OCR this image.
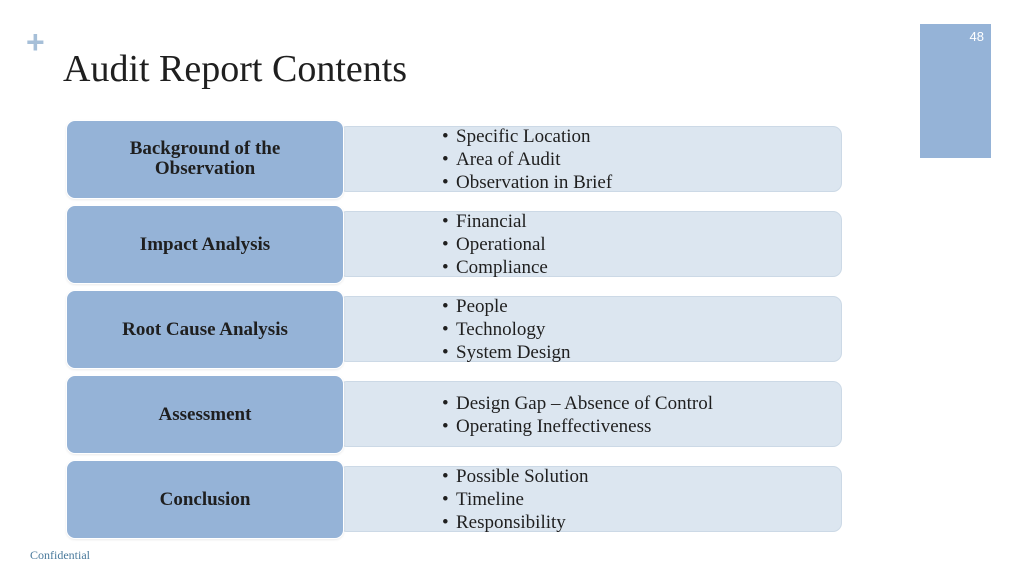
+
Audit Report Contents
48
• Specific Location
• Area of Audit
• Observation in Brief
Background of the Observation
• Financial
• Operational
• Compliance
Impact Analysis
• People
• Technology
• System Design
Root Cause Analysis
• Design Gap – Absence of Control
• Operating Ineffectiveness
Assessment
• Possible Solution
• Timeline
• Responsibility
Conclusion
Confidential
